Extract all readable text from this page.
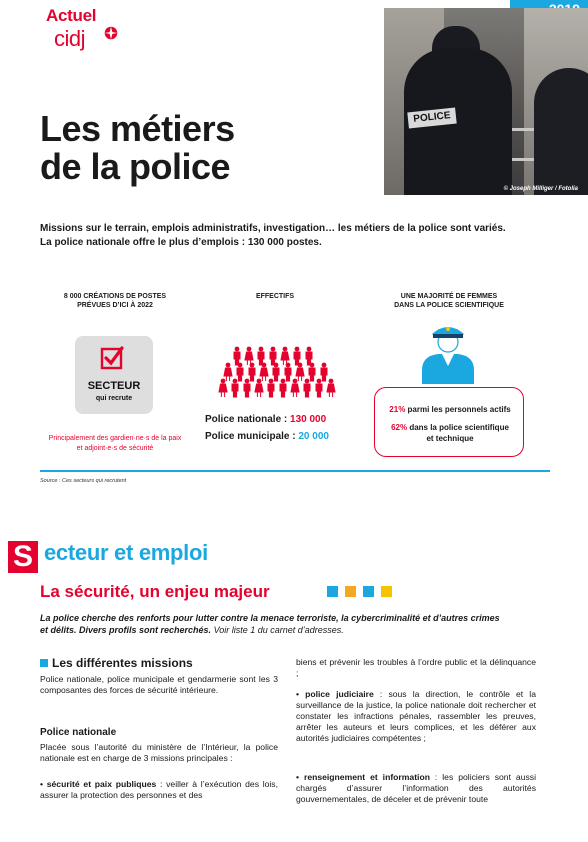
Actuel
cidj
POLICE
© Joseph Milliger / Fotolia
Les métiers
de la police
Missions sur le terrain, emplois administratifs, investigation… les métiers de la police sont variés.
La police nationale offre le plus d’emplois : 130 000 postes.
8 000 CRÉATIONS DE POSTES
PRÉVUES D’ICI À 2022
SECTEUR
qui recrute
Principalement des gardien·ne·s de la paix
et adjoint·e·s de sécurité
EFFECTIFS
Police nationale : 130 000
Police municipale : 20 000
UNE MAJORITÉ DE FEMMES
DANS LA POLICE SCIENTIFIQUE
21% parmi les personnels actifs
62% dans la police scientifique
et technique
Source : Ces secteurs qui recrutent
S ecteur et emploi
La sécurité, un enjeu majeur
La police cherche des renforts pour lutter contre la menace terroriste, la cybercriminalité et d’autres crimes
et délits. Divers profils sont recherchés. Voir liste 1 du carnet d’adresses.
Les différentes missions
Police nationale, police municipale et gendarmerie sont les 3 composantes des forces de sécurité intérieure.
Police nationale
Placée sous l’autorité du ministère de l’Intérieur, la police nationale est en charge de 3 missions principales :
• sécurité et paix publiques : veiller à l’exécution des lois, assurer la protection des personnes et des
biens et prévenir les troubles à l’ordre public et la délinquance ;
• police judiciaire : sous la direction, le contrôle et la surveillance de la justice, la police nationale doit rechercher et constater les infractions pénales, rassembler les preuves, arrêter les auteurs et leurs complices, et les déférer aux autorités judiciaires compétentes ;
• renseignement et information : les policiers sont aussi chargés d’assurer l’information des autorités gouvernementales, de déceler et de prévenir toute
